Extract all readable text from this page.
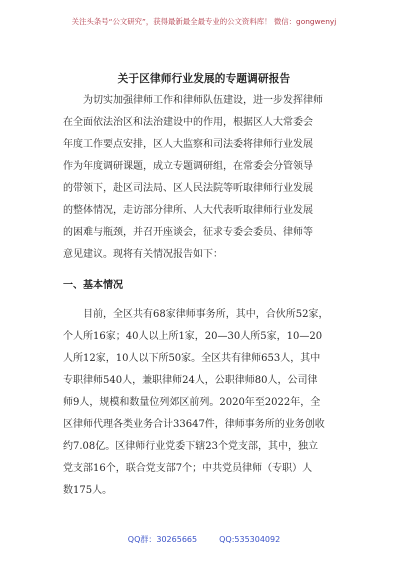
关注头条号“公文研究”，获得最新最全最专业的公文资料库！ 微信：gongwenyj
关于区律师行业发展的专题调研报告
为切实加强律师工作和律师队伍建设，进一步发挥律师
在全面依法治区和法治建设中的作用，根据区人大常委会
年度工作要点安排，区人大监察和司法委将律师行业发展
作为年度调研课题，成立专题调研组，在常委会分管领导
的带领下，赴区司法局、区人民法院等听取律师行业发展
的整体情况，走访部分律所、人大代表听取律师行业发展
的困难与瓶颈，并召开座谈会，征求专委会委员、律师等
意见建议。现将有关情况报告如下：
一、基本情况
目前，全区共有68家律师事务所，其中，合伙所52家，
个人所16家；40人以上所1家，20—30人所5家，10—20
人所12家，10人以下所50家。全区共有律师653人，其中
专职律师540人，兼职律师24人，公职律师80人，公司律
师9人，规模和数量位列郊区前列。2020年至2022年，全
区律师代理各类业务合计33647件，律师事务所的业务创收
约7.08亿。区律师行业党委下辖23个党支部，其中，独立
党支部16个，联合党支部7个；中共党员律师（专职）人
数175人。
QQ群：30265665	QQ:535304092
